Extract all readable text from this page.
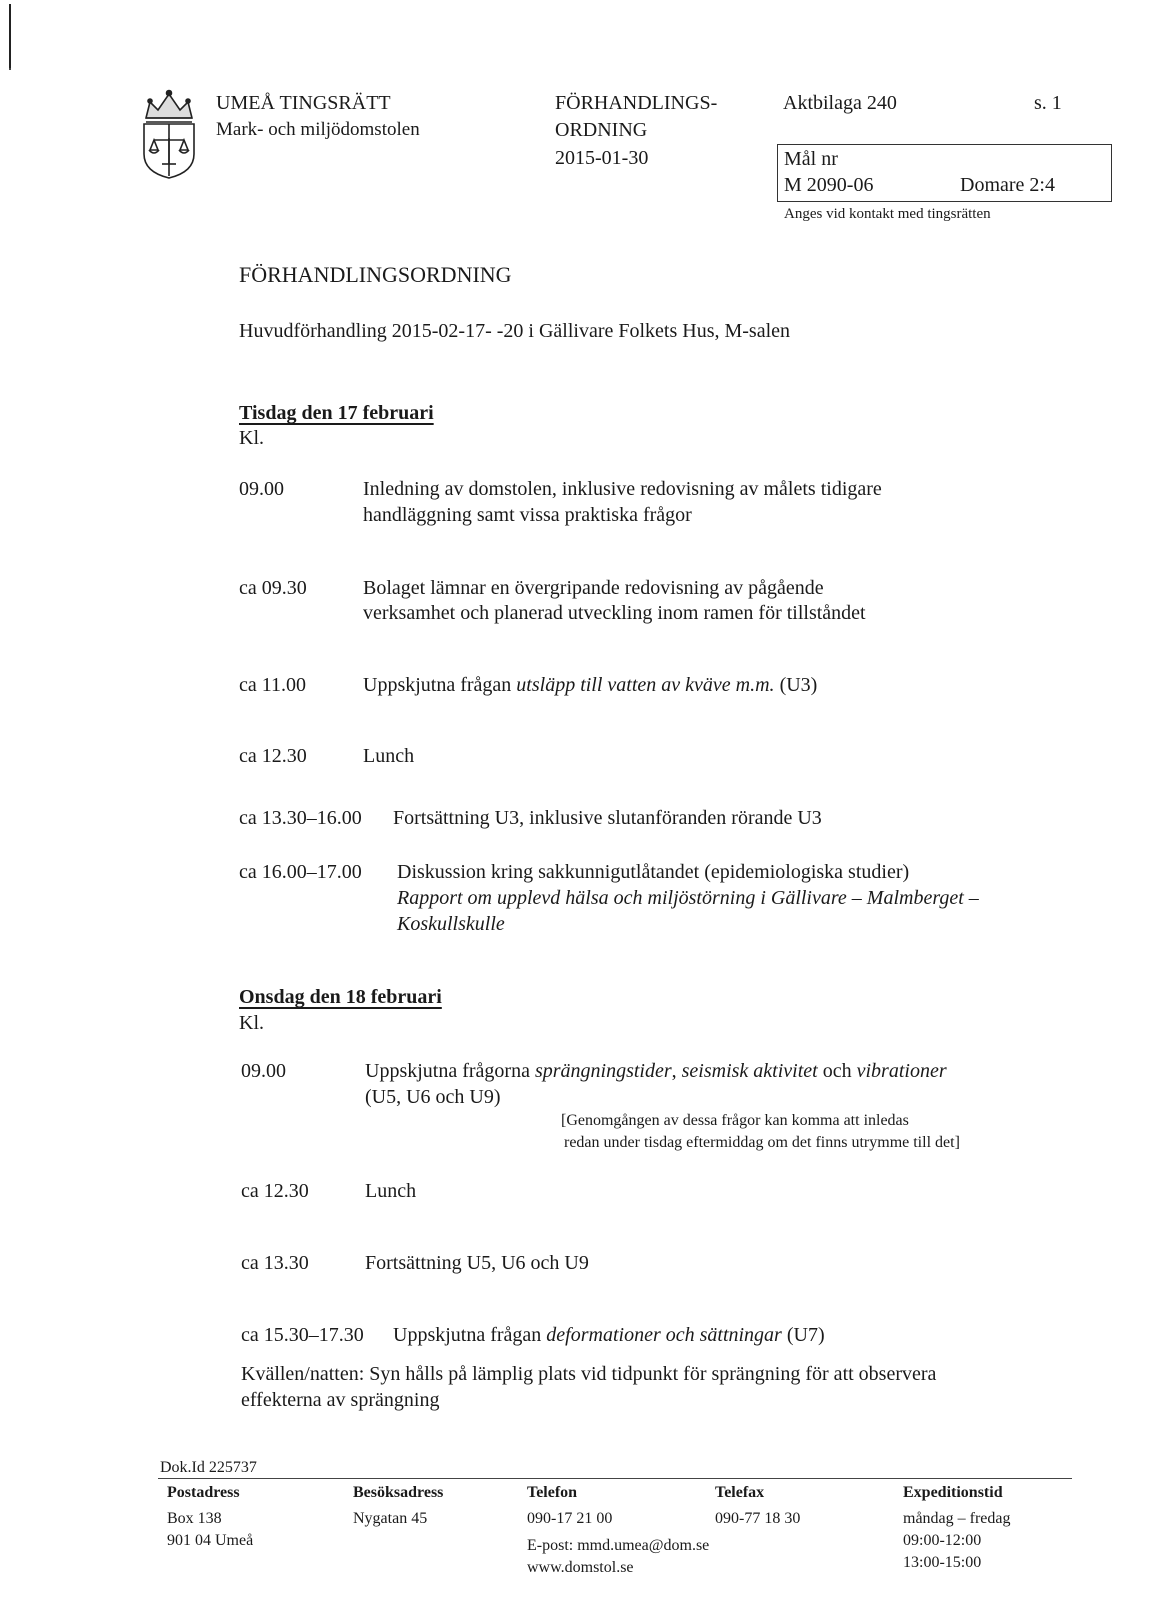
UMEÅ TINGSRÄTT
Mark- och miljödomstolen
FÖRHANDLINGS-
ORDNING
2015-01-30
Aktbilaga 240	s. 1
Mål nr
M 2090-06	Domare 2:4
Anges vid kontakt med tingsrätten
FÖRHANDLINGSORDNING
Huvudförhandling 2015-02-17- -20 i Gällivare Folkets Hus, M-salen
Tisdag den 17 februari
Kl.
09.00	Inledning av domstolen, inklusive redovisning av målets tidigare
handläggning samt vissa praktiska frågor
ca 09.30	Bolaget lämnar en övergripande redovisning av pågående
verksamhet och planerad utveckling inom ramen för tillståndet
ca 11.00	Uppskjutna frågan utsläpp till vatten av kväve m.m. (U3)
ca 12.30	Lunch
ca 13.30–16.00 Fortsättning U3, inklusive slutanföranden rörande U3
ca 16.00–17.00 Diskussion kring sakkunnigutlåtandet (epidemiologiska studier)
Rapport om upplevd hälsa och miljöstörning i Gällivare – Malmberget –
Koskullskulle
Onsdag den 18 februari
Kl.
09.00	Uppskjutna frågorna sprängningstider, seismisk aktivitet och vibrationer
(U5, U6 och U9)
[Genomgången av dessa frågor kan komma att inledas
redan under tisdag eftermiddag om det finns utrymme till det]
ca 12.30	Lunch
ca 13.30	Fortsättning U5, U6 och U9
ca 15.30–17.30 Uppskjutna frågan deformationer och sättningar (U7)
Kvällen/natten: Syn hålls på lämplig plats vid tidpunkt för sprängning för att observera
effekterna av sprängning
Dok.Id 225737
Postadress
Box 138
901 04 Umeå
Besöksadress
Nygatan 45
Telefon
090-17 21 00
E-post: mmd.umea@dom.se
www.domstol.se
Telefax
090-77 18 30
Expeditionstid
måndag – fredag
09:00-12:00
13:00-15:00
